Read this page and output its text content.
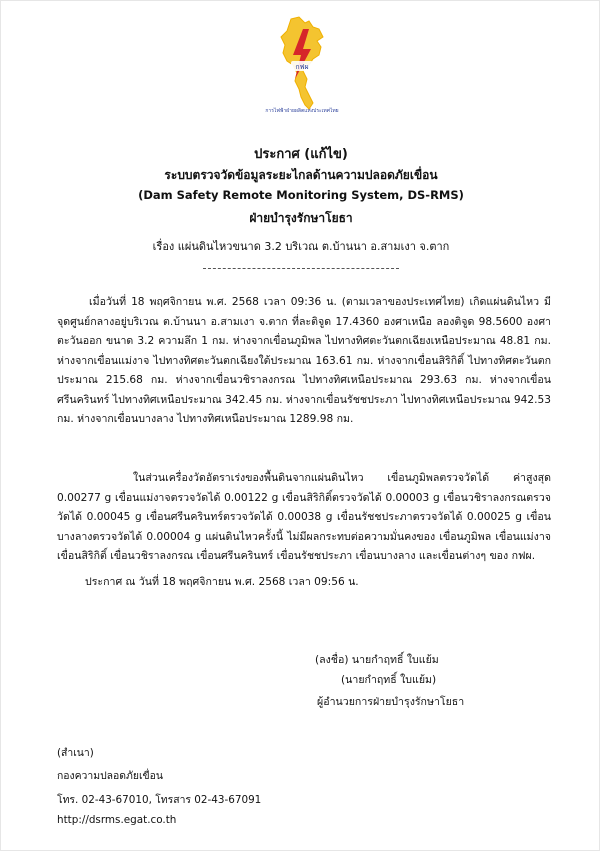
กฟผ
การไฟฟ้าฝ่ายผลิตแห่งประเทศไทย
ประกาศ (แก้ไข)
ระบบตรวจวัดข้อมูลระยะไกลด้านความปลอดภัยเขื่อน
(Dam Safety Remote Monitoring System, DS-RMS)
ฝ่ายบำรุงรักษาโยธา
เรื่อง แผ่นดินไหวขนาด 3.2 บริเวณ ต.บ้านนา อ.สามเงา จ.ตาก
เมื่อวันที่ 18 พฤศจิกายน พ.ศ. 2568 เวลา 09:36 น. (ตามเวลาของประเทศไทย) เกิดแผ่นดินไหว มีจุดศูนย์กลางอยู่บริเวณ ต.บ้านนา อ.สามเงา จ.ตาก ที่ละติจูด 17.4360 องศาเหนือ ลองติจูด 98.5600 องศาตะวันออก ขนาด 3.2 ความลึก 1 กม. ห่างจากเขื่อนภูมิพล ไปทางทิศตะวันตกเฉียงเหนือประมาณ 48.81 กม. ห่างจากเขื่อนแม่งาจ ไปทางทิศตะวันตกเฉียงใต้ประมาณ 163.61 กม. ห่างจากเขื่อนสิริกิติ์ ไปทางทิศตะวันตกประมาณ 215.68 กม. ห่างจากเขื่อนวชิราลงกรณ ไปทางทิศเหนือประมาณ 293.63 กม. ห่างจากเขื่อนศรีนครินทร์ ไปทางทิศเหนือประมาณ 342.45 กม. ห่างจากเขื่อนรัชชประภา ไปทางทิศเหนือประมาณ 942.53 กม. ห่างจากเขื่อนบางลาง ไปทางทิศเหนือประมาณ 1289.98 กม.
ในส่วนเครื่องวัดอัตราเร่งของพื้นดินจากแผ่นดินไหว เขื่อนภูมิพลตรวจวัดได้ ค่าสูงสุด 0.00277 g เขื่อนแม่งาจตรวจวัดได้ 0.00122 g เขื่อนสิริกิติ์ตรวจวัดได้ 0.00003 g เขื่อนวชิราลงกรณตรวจวัดได้ 0.00045 g เขื่อนศรีนครินทร์ตรวจวัดได้ 0.00038 g เขื่อนรัชชประภาตรวจวัดได้ 0.00025 g เขื่อนบางลางตรวจวัดได้ 0.00004 g แผ่นดินไหวครั้งนี้ ไม่มีผลกระทบต่อความมั่นคงของ เขื่อนภูมิพล เขื่อนแม่งาจ เขื่อนสิริกิติ์ เขื่อนวชิราลงกรณ เขื่อนศรีนครินทร์ เขื่อนรัชชประภา เขื่อนบางลาง และเขื่อนต่างๆ ของ กฟผ.
ประกาศ ณ วันที่ 18 พฤศจิกายน พ.ศ. 2568 เวลา 09:56 น.
(ลงชื่อ) นายกำฤทธิ์ ใบแย้ม
(นายกำฤทธิ์ ใบแย้ม)
ผู้อำนวยการฝ่ายบำรุงรักษาโยธา
(สำเนา)
กองความปลอดภัยเขื่อน
โทร. 02-43-67010, โทรสาร 02-43-67091
http://dsrms.egat.co.th
